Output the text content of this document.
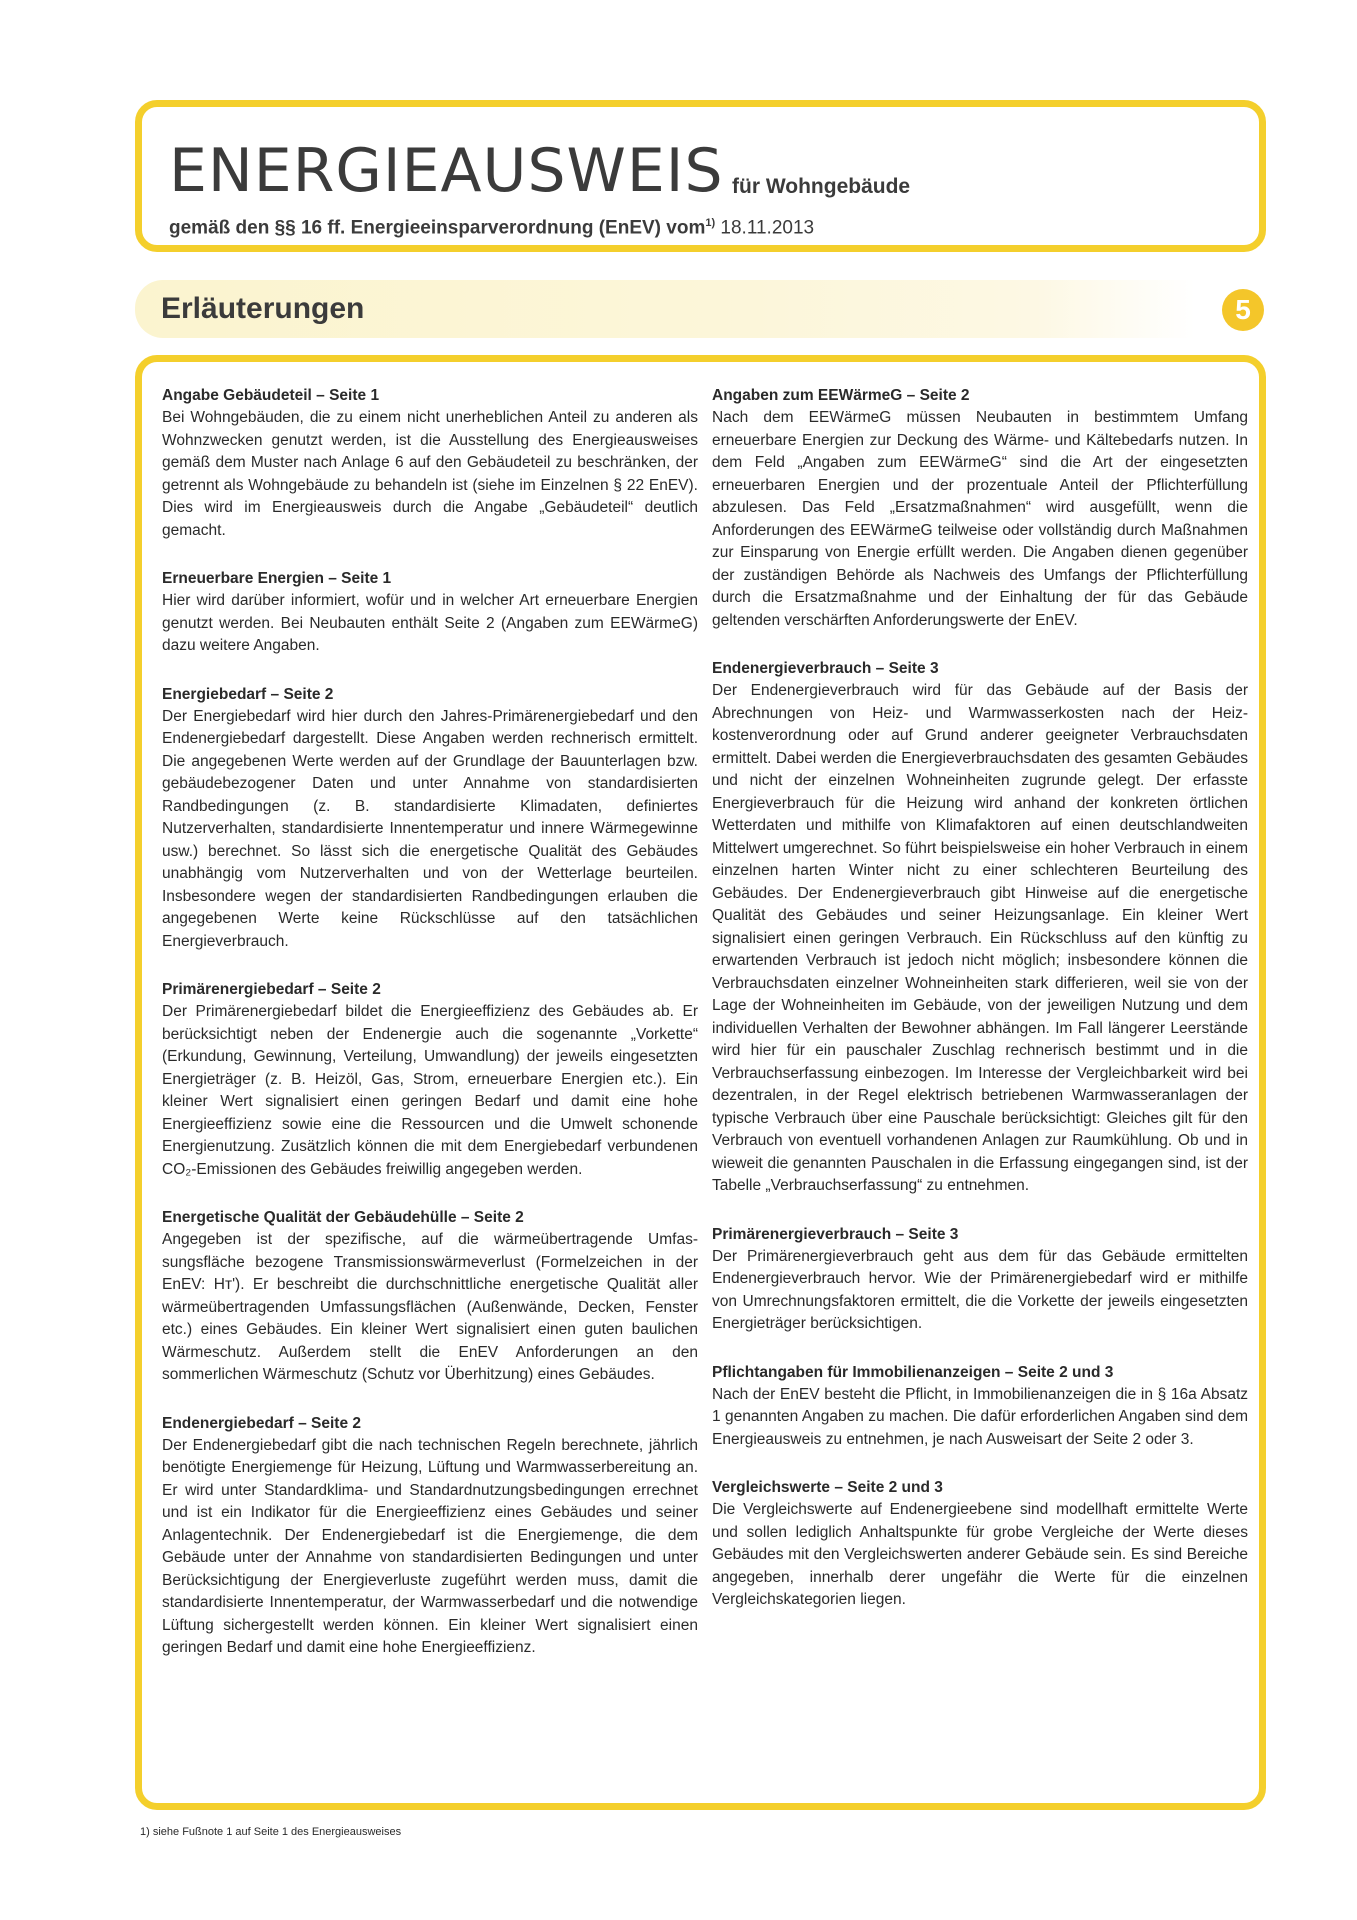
ENERGIEAUSWEIS für Wohngebäude
gemäß den §§ 16 ff. Energieeinsparverordnung (EnEV) vom$^{1)}$ 18.11.2013
Erläuterungen	5

Angabe Gebäudeteil – Seite 1

Bei Wohngebäuden, die zu einem nicht unerheblichen Anteil zu anderen als Wohnzwecken genutzt werden, ist die Ausstellung des Energieausweises gemäß dem Muster nach Anlage 6 auf den Gebäudeteil zu beschränken, der getrennt als Wohngebäude zu behandeln ist (siehe im Einzelnen § 22 EnEV). Dies wird im Energieausweis durch die Angabe „Gebäudeteil“ deutlich gemacht.

Erneuerbare Energien – Seite 1

Hier wird darüber informiert, wofür und in welcher Art erneuerbare Energien genutzt werden. Bei Neubauten enthält Seite 2 (Angaben zum EEWärmeG) dazu weitere Angaben.

Energiebedarf – Seite 2

Der Energiebedarf wird hier durch den Jahres-Primärenergiebedarf und den Endenergiebedarf dargestellt. Diese Angaben werden rechnerisch ermittelt. Die angegebenen Werte werden auf der Grundlage der Bauunterlagen bzw. gebäudebezogener Daten und unter Annahme von standardisierten Randbedingungen (z. B. standardisierte Klimadaten, definiertes Nutzerverhalten, standardisierte Innentemperatur und innere Wärmegewinne usw.) berechnet. So lässt sich die energetische Qualität des Gebäudes unabhängig vom Nutzerverhalten und von der Wetterlage beurteilen. Insbesondere wegen der standardisierten Randbedingungen erlauben die angegebenen Werte keine Rückschlüsse auf den tatsächlichen Energieverbrauch.

Primärenergiebedarf – Seite 2

Der Primärenergiebedarf bildet die Energieeffizienz des Gebäudes ab. Er berücksichtigt neben der Endenergie auch die sogenannte „Vorkette“ (Erkundung, Gewinnung, Verteilung, Umwandlung) der jeweils eingesetzten Energieträger (z. B. Heizöl, Gas, Strom, erneuerbare Energien etc.). Ein kleiner Wert signalisiert einen geringen Bedarf und damit eine hohe Energieeffizienz sowie eine die Ressourcen und die Umwelt schonende Energienutzung. Zusätzlich können die mit dem Energiebedarf verbundenen CO₂-Emissionen des Gebäudes freiwillig angegeben werden.

Energetische Qualität der Gebäudehülle – Seite 2

Angegeben ist der spezifische, auf die wärmeübertragende Umfassungsfläche bezogene Transmissionswärmeverlust (Formelzeichen in der EnEV: Hᴛ'). Er beschreibt die durchschnittliche energetische Qualität aller wärmeübertragenden Umfassungsflächen (Außenwände, Decken, Fenster etc.) eines Gebäudes. Ein kleiner Wert signalisiert einen guten baulichen Wärmeschutz. Außerdem stellt die EnEV Anforderungen an den sommerlichen Wärmeschutz (Schutz vor Überhitzung) eines Gebäudes.

Endenergiebedarf – Seite 2

Der Endenergiebedarf gibt die nach technischen Regeln berechnete, jährlich benötigte Energiemenge für Heizung, Lüftung und Warmwasserbereitung an. Er wird unter Standardklima- und Standardnutzungsbedingungen errechnet und ist ein Indikator für die Energieeffizienz eines Gebäudes und seiner Anlagentechnik. Der Endenergiebedarf ist die Energiemenge, die dem Gebäude unter der Annahme von standardisierten Bedingungen und unter Berücksichtigung der Energieverluste zugeführt werden muss, damit die standardisierte Innentemperatur, der Warmwasserbedarf und die notwendige Lüftung sichergestellt werden können. Ein kleiner Wert signalisiert einen geringen Bedarf und damit eine hohe Energieeffizienz.

Angaben zum EEWärmeG – Seite 2

Nach dem EEWärmeG müssen Neubauten in bestimmtem Umfang erneuerbare Energien zur Deckung des Wärme- und Kältebedarfs nutzen. In dem Feld „Angaben zum EEWärmeG“ sind die Art der eingesetzten erneuerbaren Energien und der prozentuale Anteil der Pflichterfüllung abzulesen. Das Feld „Ersatzmaßnahmen“ wird ausgefüllt, wenn die Anforderungen des EEWärmeG teilweise oder vollständig durch Maßnahmen zur Einsparung von Energie erfüllt werden. Die Angaben dienen gegenüber der zuständigen Behörde als Nachweis des Umfangs der Pflichterfüllung durch die Ersatzmaßnahme und der Einhaltung der für das Gebäude geltenden verschärften Anforderungswerte der EnEV.

Endenergieverbrauch – Seite 3

Der Endenergieverbrauch wird für das Gebäude auf der Basis der Abrechnungen von Heiz- und Warmwasserkosten nach der Heizkostenverordnung oder auf Grund anderer geeigneter Verbrauchsdaten ermittelt. Dabei werden die Energieverbrauchsdaten des gesamten Gebäudes und nicht der einzelnen Wohneinheiten zugrunde gelegt. Der erfasste Energieverbrauch für die Heizung wird anhand der konkreten örtlichen Wetterdaten und mithilfe von Klimafaktoren auf einen deutschlandweiten Mittelwert umgerechnet. So führt beispielsweise ein hoher Verbrauch in einem einzelnen harten Winter nicht zu einer schlechteren Beurteilung des Gebäudes. Der Endenergieverbrauch gibt Hinweise auf die energetische Qualität des Gebäudes und seiner Heizungsanlage. Ein kleiner Wert signalisiert einen geringen Verbrauch. Ein Rückschluss auf den künftig zu erwartenden Verbrauch ist jedoch nicht möglich; insbesondere können die Verbrauchsdaten einzelner Wohneinheiten stark differieren, weil sie von der Lage der Wohneinheiten im Gebäude, von der jeweiligen Nutzung und dem individuellen Verhalten der Bewohner abhängen. Im Fall längerer Leerstände wird hier für ein pauschaler Zuschlag rechnerisch bestimmt und in die Verbrauchserfassung einbezogen. Im Interesse der Vergleichbarkeit wird bei dezentralen, in der Regel elektrisch betriebenen Warmwasseranlagen der typische Verbrauch über eine Pauschale berücksichtigt: Gleiches gilt für den Verbrauch von eventuell vorhandenen Anlagen zur Raumkühlung. Ob und in wieweit die genannten Pauschalen in die Erfassung eingegangen sind, ist der Tabelle „Verbrauchserfassung“ zu entnehmen.

Primärenergieverbrauch – Seite 3

Der Primärenergieverbrauch geht aus dem für das Gebäude ermittelten Endenergieverbrauch hervor. Wie der Primärenergiebedarf wird er mithilfe von Umrechnungsfaktoren ermittelt, die die Vorkette der jeweils eingesetzten Energieträger berücksichtigen.

Pflichtangaben für Immobilienanzeigen – Seite 2 und 3

Nach der EnEV besteht die Pflicht, in Immobilienanzeigen die in § 16a Absatz 1 genannten Angaben zu machen. Die dafür erforderlichen Angaben sind dem Energieausweis zu entnehmen, je nach Ausweisart der Seite 2 oder 3.

Vergleichswerte – Seite 2 und 3

Die Vergleichswerte auf Endenergieebene sind modellhaft ermittelte Werte und sollen lediglich Anhaltspunkte für grobe Vergleiche der Werte dieses Gebäudes mit den Vergleichswerten anderer Gebäude sein. Es sind Bereiche angegeben, innerhalb derer ungefähr die Werte für die einzelnen Vergleichskategorien liegen.

1) siehe Fußnote 1 auf Seite 1 des Energieausweises
